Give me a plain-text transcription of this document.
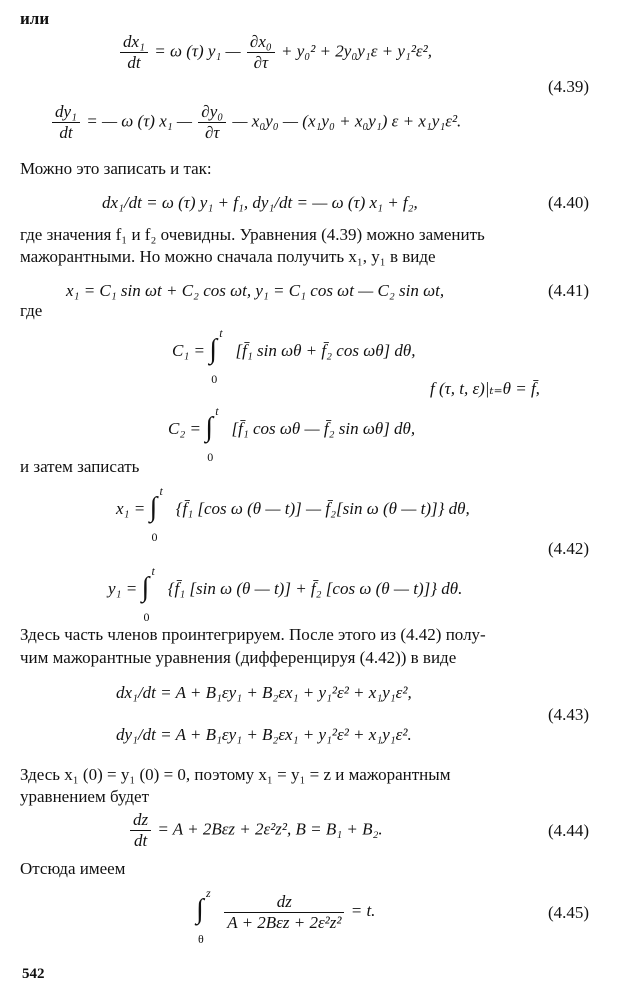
или
$\frac{\text{dx₁}}{dt} = \omega$ (τ) y₁ — $\frac{\text{∂x₀}}{\partial\tau} + y_0^2 + 2y_0y_1\varepsilon + y_1^2\varepsilon^2$,
(4.39)
$\frac{\text{dy₁}}{dt}$ = — ω (τ) x₁ — $\frac{\text{∂y₀}}{\partial\tau}$ — x₀y₀ — (x₁y₀ + x₀y₁) ε + x₁y₁ε².
Можно это записать и так:
dx₁/dt = ω (τ) y₁ + f₁, dy₁/dt = — ω (τ) x₁ + f₂,	(4.40)
где значения f₁ и f₂ очевидны. Уравнения (4.39) можно заменить
мажорантными. Но можно сначала получить x₁, y₁ в виде
x₁ = C₁ sin ωt + C₂ cos ωt, y₁ = C₁ cos ωt — C₂ sin ωt,	(4.41)
где
C₁ = ∫
t
0
[f̄₁ sin ωθ + f̄₂ cos ωθ] dθ,
f (τ, t, ε)|ₜ₌θ = f̄,
C₂ = ∫
t
0
[f̄₁ cos ωθ — f̄₂ sin ωθ] dθ,
и затем записать
x₁ = ∫
t
0
{f̄₁ [cos ω (θ — t)] — f̄₂[sin ω (θ — t)]} dθ,
(4.42)
y₁ = ∫
t
0
{f̄₁ [sin ω (θ — t)] + f̄₂ [cos ω (θ — t)]} dθ.
Здесь часть членов проинтегрируем. После этого из (4.42) полу-
чим мажорантные уравнения (дифференцируя (4.42)) в виде
dx₁/dt = A + B₁εy₁ + B₂εx₁ + y₁²ε² + x₁y₁ε²,
(4.43)
dy₁/dt = A + B₁εy₁ + B₂εx₁ + y₁²ε² + x₁y₁ε².
Здесь x₁ (0) = y₁ (0) = 0, поэтому x₁ = y₁ = z и мажорантным
уравнением будет
$\frac{dz}{dt} = A + 2B\varepsilon z + 2\varepsilon^2z^2$, B = B₁ + B₂.	(4.44)
Отсюда имеем
∫
z
θ

$\frac{dz}{\text{A + 2Bεz + 2ε²z²}} = t$.	(4.45)
542
